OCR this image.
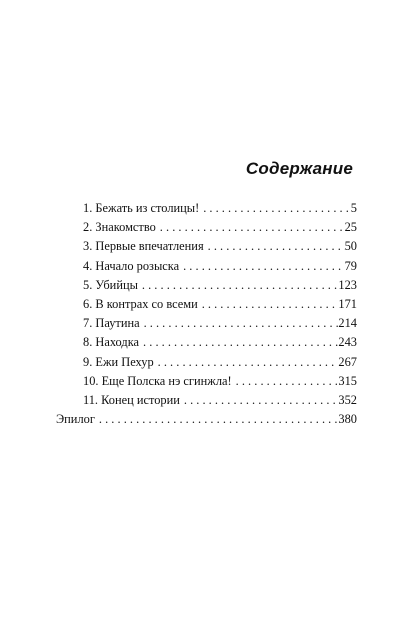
Содержание
1. Бежать из столицы! . . .	5
2. Знакомство . . .	25
3. Первые впечатления . . .	50
4. Начало розыска . . .	79
5. Убийцы . . .	123
6. В контрах со всеми . . .	171
7. Паутина . . .	214
8. Находка . . .	243
9. Ежи Пехур . . .	267
10. Еще Полска нэ сгинжла! . . .	315
11. Конец истории . . .	352
Эпилог . . .	380
